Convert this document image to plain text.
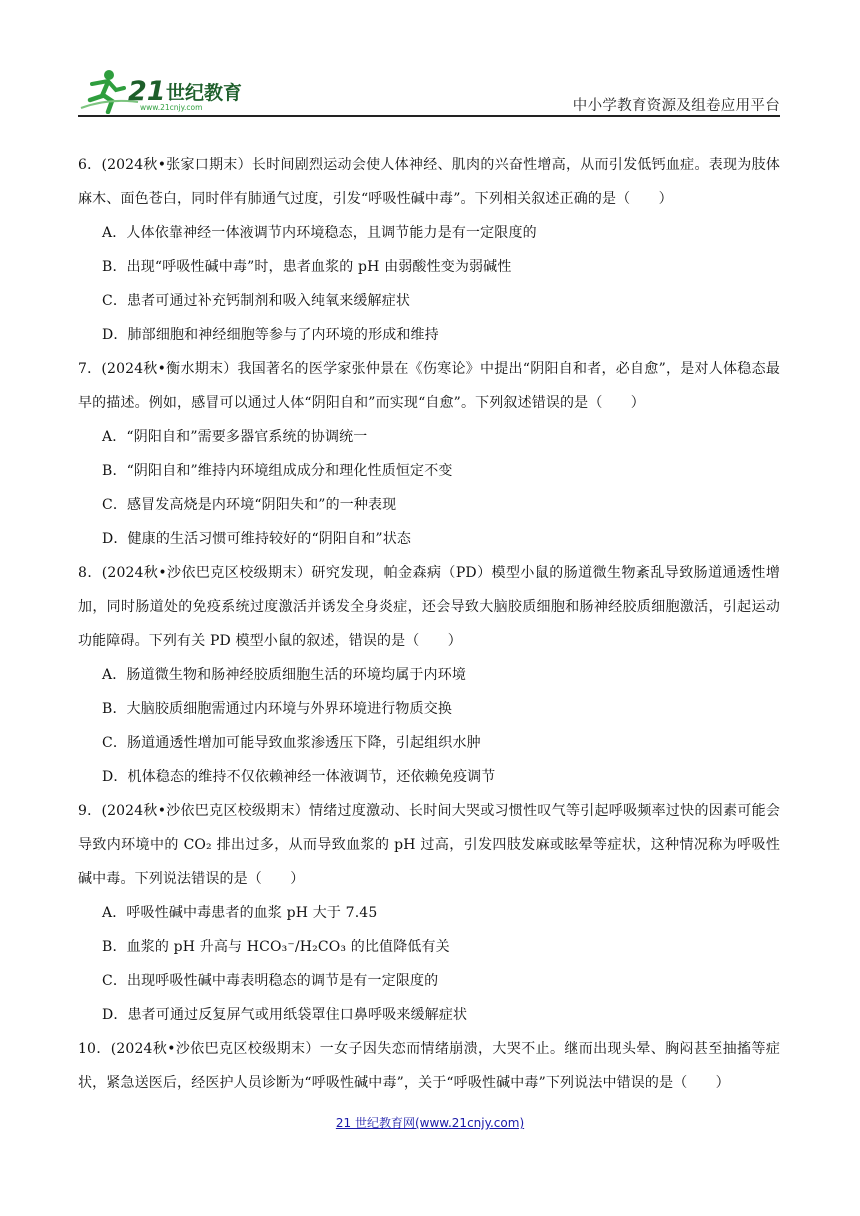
21 世纪教育
www.21cnjy.com	中小学教育资源及组卷应用平台

6．(2024秋•张家口期末）长时间剧烈运动会使人体神经、肌肉的兴奋性增高，从而引发低钙血症。表现为肢体麻木、面色苍白，同时伴有肺通气过度，引发“呼吸性碱中毒”。下列相关叙述正确的是（　　）

A．人体依靠神经一体液调节内环境稳态，且调节能力是有一定限度的

B．出现“呼吸性碱中毒”时，患者血浆的 pH 由弱酸性变为弱碱性

C．患者可通过补充钙制剂和吸入纯氧来缓解症状

D．肺部细胞和神经细胞等参与了内环境的形成和维持

7．(2024秋•衡水期末）我国著名的医学家张仲景在《伤寒论》中提出“阴阳自和者，必自愈”，是对人体稳态最早的描述。例如，感冒可以通过人体“阴阳自和”而实现“自愈”。下列叙述错误的是（　　）

A．“阴阳自和”需要多器官系统的协调统一

B．“阴阳自和”维持内环境组成成分和理化性质恒定不变

C．感冒发高烧是内环境“阴阳失和”的一种表现

D．健康的生活习惯可维持较好的“阴阳自和”状态

8．(2024秋•沙依巴克区校级期末）研究发现，帕金森病（PD）模型小鼠的肠道微生物紊乱导致肠道通透性增加，同时肠道处的免疫系统过度激活并诱发全身炎症，还会导致大脑胶质细胞和肠神经胶质细胞激活，引起运动功能障碍。下列有关 PD 模型小鼠的叙述，错误的是（　　）

A．肠道微生物和肠神经胶质细胞生活的环境均属于内环境

B．大脑胶质细胞需通过内环境与外界环境进行物质交换

C．肠道通透性增加可能导致血浆渗透压下降，引起组织水肿

D．机体稳态的维持不仅依赖神经一体液调节，还依赖免疫调节

9．(2024秋•沙依巴克区校级期末）情绪过度激动、长时间大哭或习惯性叹气等引起呼吸频率过快的因素可能会导致内环境中的 CO₂ 排出过多，从而导致血浆的 pH 过高，引发四肢发麻或眩晕等症状，这种情况称为呼吸性碱中毒。下列说法错误的是（　　）

A．呼吸性碱中毒患者的血浆 pH 大于 7.45

B．血浆的 pH 升高与 HCO₃⁻/H₂CO₃ 的比值降低有关

C．出现呼吸性碱中毒表明稳态的调节是有一定限度的

D．患者可通过反复屏气或用纸袋罩住口鼻呼吸来缓解症状

10．(2024秋•沙依巴克区校级期末）一女子因失恋而情绪崩溃，大哭不止。继而出现头晕、胸闷甚至抽搐等症状，紧急送医后，经医护人员诊断为“呼吸性碱中毒”，关于“呼吸性碱中毒”下列说法中错误的是（　　）

21 世纪教育网(www.21cnjy.com)
